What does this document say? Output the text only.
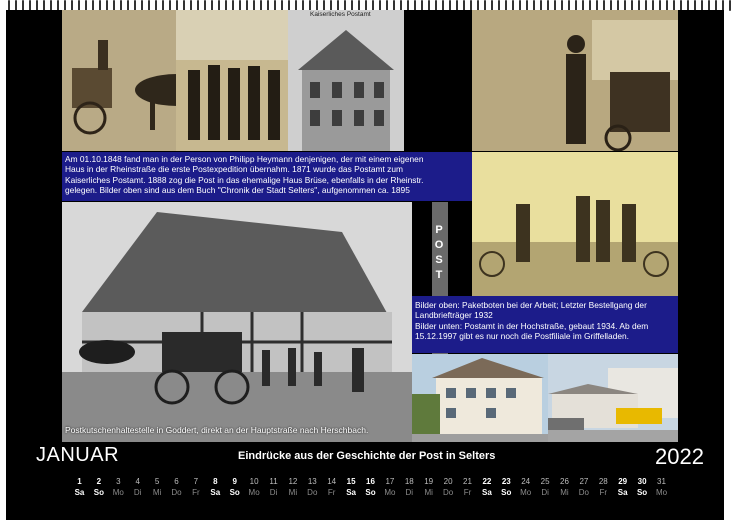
Kaiserliches Postamt
Am 01.10.1848 fand man in der Person von Philipp Heymann denjenigen, der mit einem eigenen
Haus in der Rheinstraße die erste Postexpedition übernahm. 1871 wurde das Postamt zum
Kaiserliches Postamt. 1888 zog die Post in das ehemalige Haus Brüse, ebenfalls in der Rheinstr.
gelegen. Bilder oben sind aus dem Buch "Chronik der Stadt Selters", aufgenommen ca. 1895
P
O
S
T
Postkutschenhaltestelle in Goddert, direkt an der Hauptstraße nach Herschbach.
Bilder oben: Paketboten bei der Arbeit; Letzter Bestellgang der
Landbriefträger 1932
Bilder unten: Postamt in der Hochstraße, gebaut 1934. Ab dem
15.12.1997 gibt es nur noch die Postfiliale im Griffelladen.
JANUAR	Eindrücke aus der Geschichte der Post in Selters	2022
1
Sa
2
So
3
Mo
4
Di
5
Mi
6
Do
7
Fr
8
Sa
9
So
10
Mo
11
Di
12
Mi
13
Do
14
Fr
15
Sa
16
So
17
Mo
18
Di
19
Mi
20
Do
21
Fr
22
Sa
23
So
24
Mo
25
Di
26
Mi
27
Do
28
Fr
29
Sa
30
So
31
Mo
